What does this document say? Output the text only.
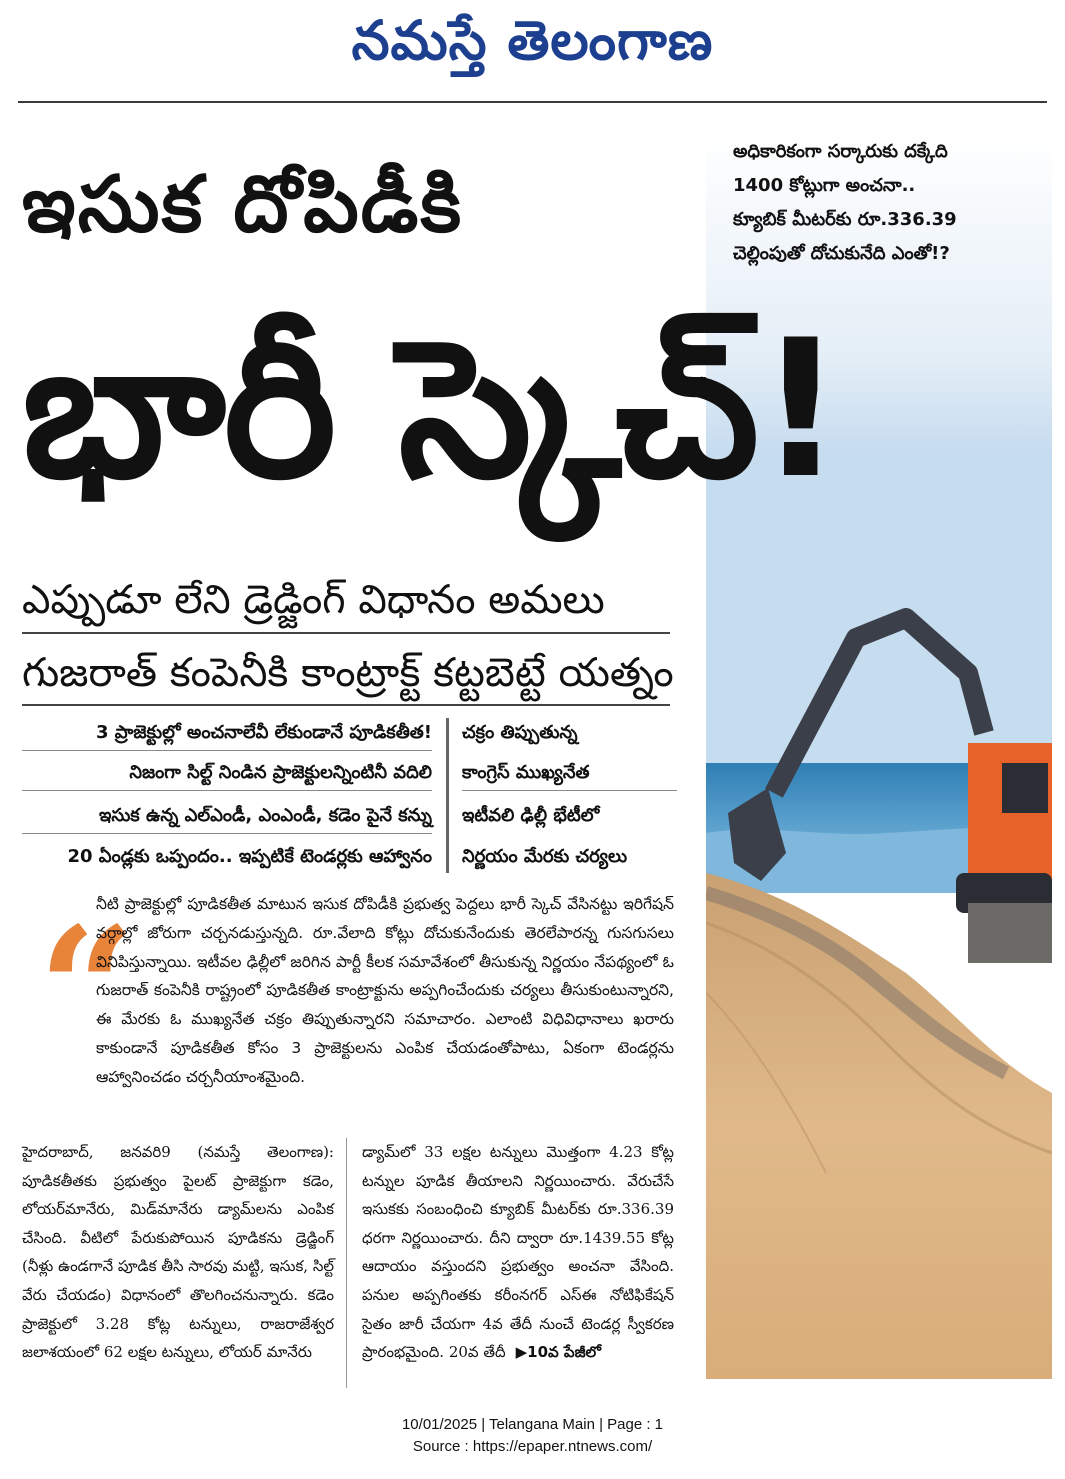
నమస్తే తెలంగాణ

అధికారికంగా సర్కారుకు దక్కేది

1400 కోట్లుగా అంచనా..

క్యూబిక్ మీటర్‌కు రూ.336.39

చెల్లింపుతో దోచుకునేది ఎంతో!?

ఇసుక దోపిడీకి
భారీ స్కెచ్!
ఎప్పుడూ లేని డ్రెడ్జింగ్ విధానం అమలు
గుజరాత్ కంపెనీకి కాంట్రాక్ట్ కట్టబెట్టే యత్నం
3 ప్రాజెక్టుల్లో అంచనాలేవీ లేకుండానే పూడికతీత!
నిజంగా సిల్ట్ నిండిన ప్రాజెక్టులన్నింటినీ వదిలి
ఇసుక ఉన్న ఎల్ఎండీ, ఎంఎండీ, కడెం పైనే కన్ను
20 ఏండ్లకు ఒప్పందం.. ఇప్పటికే టెండర్లకు ఆహ్వానం
చక్రం తిప్పుతున్న
కాంగ్రెస్ ముఖ్యనేత
ఇటీవలి ఢిల్లీ భేటీలో
నిర్ణయం మేరకు చర్యలు
“
నీటి ప్రాజెక్టుల్లో పూడికతీత మాటున ఇసుక దోపిడీకి ప్రభుత్వ పెద్దలు భారీ స్కెచ్ వేసినట్టు ఇరిగేషన్ వర్గాల్లో జోరుగా చర్చనడుస్తున్నది. రూ.వేలాది కోట్లు దోచుకునేందుకు తెరలేపారన్న గుసగుసలు వినిపిస్తున్నాయి. ఇటీవల ఢిల్లీలో జరిగిన పార్టీ కీలక సమావేశంలో తీసుకున్న నిర్ణయం నేపథ్యంలో ఓ గుజరాత్ కంపెనీకి రాష్ట్రంలో పూడికతీత కాంట్రాక్టును అప్పగించేందుకు చర్యలు తీసుకుంటున్నారని, ఈ మేరకు ఓ ముఖ్యనేత చక్రం తిప్పుతున్నారని సమాచారం. ఎలాంటి విధివిధానాలు ఖరారు కాకుండానే పూడికతీత కోసం 3 ప్రాజెక్టులను ఎంపిక చేయడంతోపాటు, ఏకంగా టెండర్లను ఆహ్వానించడం చర్చనీయాంశమైంది.
హైదరాబాద్, జనవరి9 (నమస్తే తెలంగాణ): పూడికతీతకు ప్రభుత్వం పైలట్ ప్రాజెక్టుగా కడెం, లోయర్‌మానేరు, మిడ్‌మానేరు డ్యామ్‌లను ఎంపిక చేసింది. వీటిలో పేరుకుపోయిన పూడికను డ్రెడ్జింగ్ (నీళ్లు ఉండగానే పూడిక తీసి సారవు మట్టి, ఇసుక, సిల్ట్ వేరు చేయడం) విధానంలో తొలగించనున్నారు. కడెం ప్రాజెక్టులో 3.28 కోట్ల టన్నులు, రాజరాజేశ్వర జలాశయంలో 62 లక్షల టన్నులు, లోయర్ మానేరు
డ్యామ్‌లో 33 లక్షల టన్నులు మొత్తంగా 4.23 కోట్ల టన్నుల పూడిక తీయాలని నిర్ణయించారు. వేరుచేసే ఇసుకకు సంబంధించి క్యూబిక్ మీటర్‌కు రూ.336.39 ధరగా నిర్ణయించారు. దీని ద్వారా రూ.1439.55 కోట్ల ఆదాయం వస్తుందని ప్రభుత్వం అంచనా వేసింది. పనుల అప్పగింతకు కరీంనగర్ ఎస్ఈ నోటిఫికేషన్ సైతం జారీ చేయగా 4వ తేదీ నుంచే టెండర్ల స్వీకరణ ప్రారంభమైంది. 20వ తేదీ  ▶10వ పేజీలో
10/01/2025 | Telangana Main | Page : 1
Source : https://epaper.ntnews.com/
